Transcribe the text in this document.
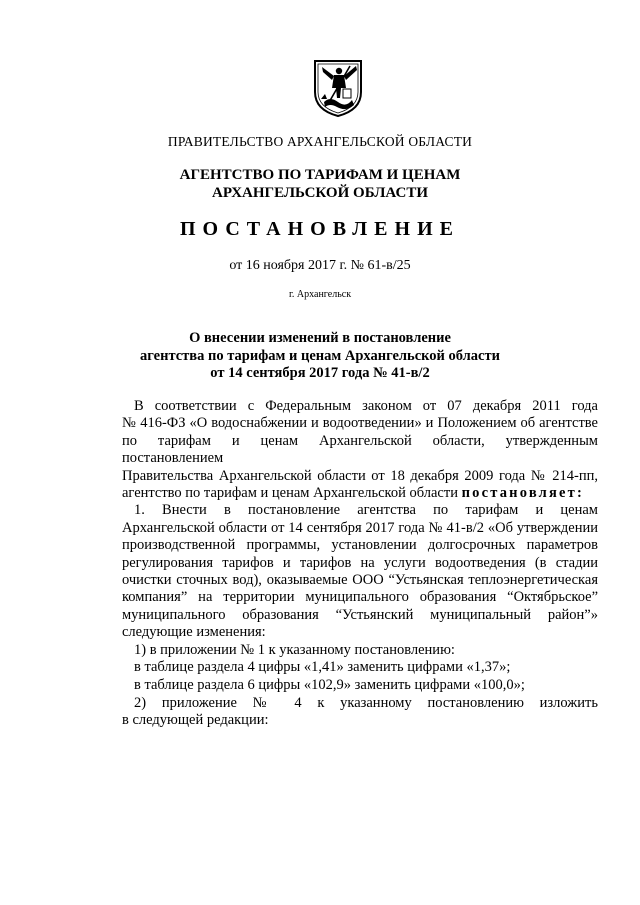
ПРАВИТЕЛЬСТВО АРХАНГЕЛЬСКОЙ ОБЛАСТИ
АГЕНТСТВО ПО ТАРИФАМ И ЦЕНАМ
АРХАНГЕЛЬСКОЙ ОБЛАСТИ
ПОСТАНОВЛЕНИЕ
от 16 ноября 2017 г. № 61-в/25
г. Архангельск
О внесении изменений в постановление
агентства по тарифам и ценам Архангельской области
от 14 сентября 2017 года № 41-в/2

В соответствии с Федеральным законом от 07 декабря 2011 года

№ 416-ФЗ «О водоснабжении и водоотведении» и Положением об агентстве

по тарифам и ценам Архангельской области, утвержденным постановлением

Правительства Архангельской области от 18 декабря 2009 года № 214-пп,

агентство по тарифам и ценам Архангельской области постановляет:

1. Внести в постановление агентства по тарифам и ценам

Архангельской области от 14 сентября 2017 года № 41-в/2 «Об утверждении

производственной программы, установлении долгосрочных параметров

регулирования тарифов и тарифов на услуги водоотведения (в стадии

очистки сточных вод), оказываемые ООО “Устьянская теплоэнергетическая

компания” на территории муниципального образования “Октябрьское”

муниципального образования “Устьянский муниципальный район”»

следующие изменения:

1) в приложении № 1 к указанному постановлению:

в таблице раздела 4 цифры «1,41» заменить цифрами «1,37»;

в таблице раздела 6 цифры «102,9» заменить цифрами «100,0»;

2) приложение № 4 к указанному постановлению изложить

в следующей редакции:
